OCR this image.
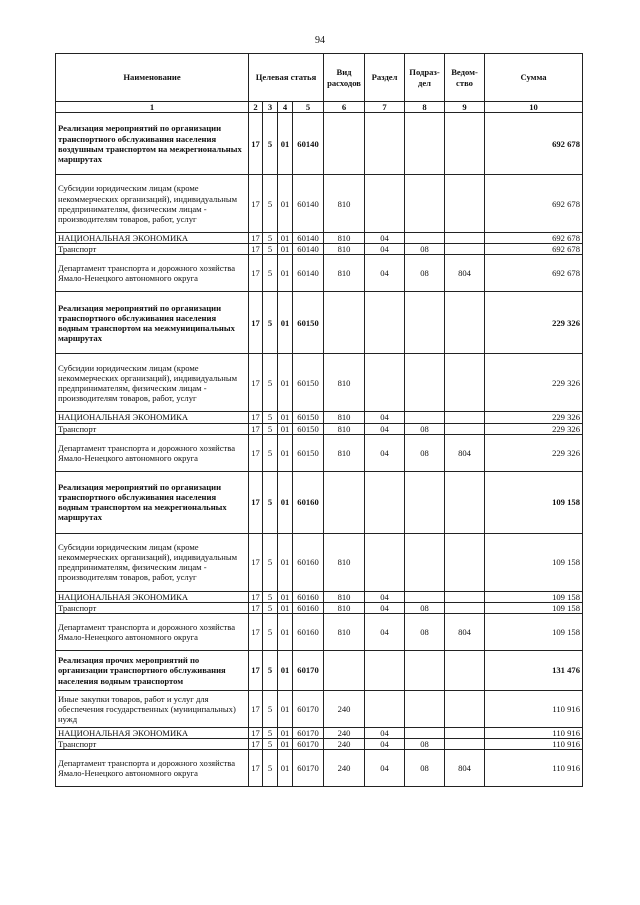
94
Наименование	Целевая статья				Вид расходов	Раздел	Подраз-дел	Ведом-ство	Сумма
1	2	3	4	5	6	7	8	9	10
Реализация мероприятий по организации транспортного обслуживания населения воздушным транспортом на межрегиональных маршрутах	17	5	01	60140					692 678
Субсидии юридическим лицам (кроме некоммерческих организаций), индивидуальным предпринимателям, физическим лицам - производителям товаров, работ, услуг	17	5	01	60140	810				692 678
НАЦИОНАЛЬНАЯ ЭКОНОМИКА	17	5	01	60140	810	04			692 678
Транспорт	17	5	01	60140	810	04	08		692 678
Департамент транспорта и дорожного хозяйства Ямало-Ненецкого автономного округа	17	5	01	60140	810	04	08	804	692 678
Реализация мероприятий по организации транспортного обслуживания населения водным транспортом на межмуниципальных маршрутах	17	5	01	60150					229 326
Субсидии юридическим лицам (кроме некоммерческих организаций), индивидуальным предпринимателям, физическим лицам - производителям товаров, работ, услуг	17	5	01	60150	810				229 326
НАЦИОНАЛЬНАЯ ЭКОНОМИКА	17	5	01	60150	810	04			229 326
Транспорт	17	5	01	60150	810	04	08		229 326
Департамент транспорта и дорожного хозяйства Ямало-Ненецкого автономного округа	17	5	01	60150	810	04	08	804	229 326
Реализация мероприятий по организации транспортного обслуживания населения водным транспортом на межрегиональных маршрутах	17	5	01	60160					109 158
Субсидии юридическим лицам (кроме некоммерческих организаций), индивидуальным предпринимателям, физическим лицам - производителям товаров, работ, услуг	17	5	01	60160	810				109 158
НАЦИОНАЛЬНАЯ ЭКОНОМИКА	17	5	01	60160	810	04			109 158
Транспорт	17	5	01	60160	810	04	08		109 158
Департамент транспорта и дорожного хозяйства Ямало-Ненецкого автономного округа	17	5	01	60160	810	04	08	804	109 158
Реализация прочих мероприятий по организации транспортного обслуживания населения водным транспортом	17	5	01	60170					131 476
Иные закупки товаров, работ и услуг для обеспечения государственных (муниципальных) нужд	17	5	01	60170	240				110 916
НАЦИОНАЛЬНАЯ ЭКОНОМИКА	17	5	01	60170	240	04			110 916
Транспорт	17	5	01	60170	240	04	08		110 916
Департамент транспорта и дорожного хозяйства Ямало-Ненецкого автономного округа	17	5	01	60170	240	04	08	804	110 916
